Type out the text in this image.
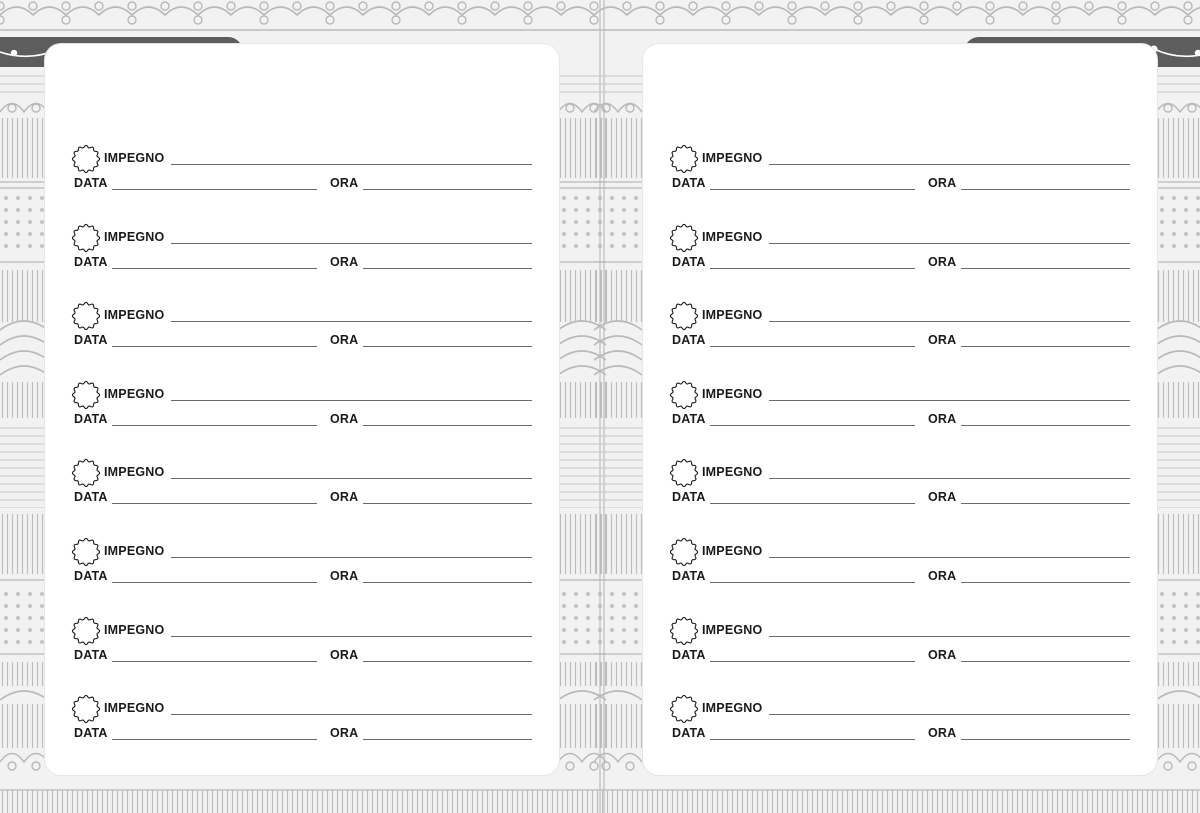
IMPEGNO
DATA	ORA
IMPEGNO
DATA	ORA
IMPEGNO
DATA	ORA
IMPEGNO
DATA	ORA
IMPEGNO
DATA	ORA
IMPEGNO
DATA	ORA
IMPEGNO
DATA	ORA
IMPEGNO
DATA	ORA
IMPEGNO
DATA	ORA
IMPEGNO
DATA	ORA
IMPEGNO
DATA	ORA
IMPEGNO
DATA	ORA
IMPEGNO
DATA	ORA
IMPEGNO
DATA	ORA
IMPEGNO
DATA	ORA
IMPEGNO
DATA	ORA
